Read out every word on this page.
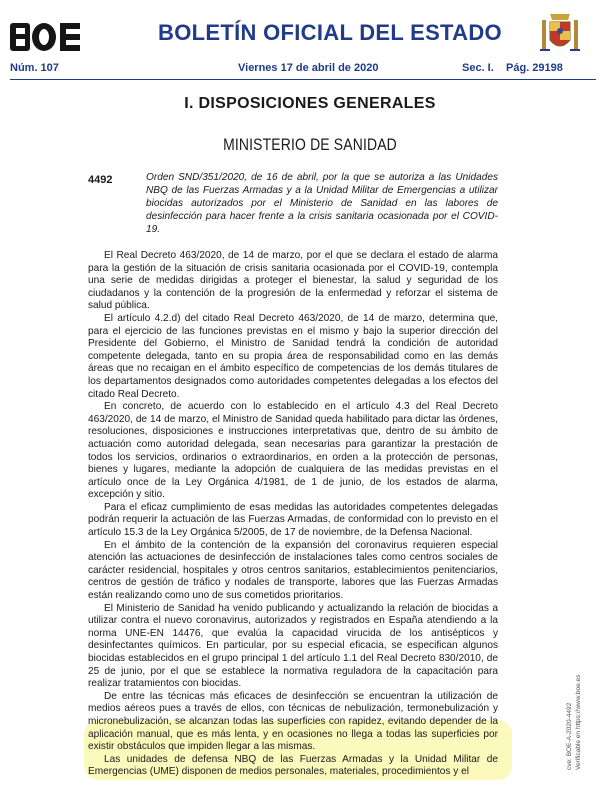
BOLETÍN OFICIAL DEL ESTADO
Núm. 107	Viernes 17 de abril de 2020	Sec. I. Pág. 29198
I. DISPOSICIONES GENERALES
MINISTERIO DE SANIDAD
4492	Orden SND/351/2020, de 16 de abril, por la que se autoriza a las Unidades NBQ de las Fuerzas Armadas y a la Unidad Militar de Emergencias a utilizar biocidas autorizados por el Ministerio de Sanidad en las labores de desinfección para hacer frente a la crisis sanitaria ocasionada por el COVID-19.

El Real Decreto 463/2020, de 14 de marzo, por el que se declara el estado de alarma para la gestión de la situación de crisis sanitaria ocasionada por el COVID-19, contempla una serie de medidas dirigidas a proteger el bienestar, la salud y seguridad de los ciudadanos y la contención de la progresión de la enfermedad y reforzar el sistema de salud pública.

El artículo 4.2.d) del citado Real Decreto 463/2020, de 14 de marzo, determina que, para el ejercicio de las funciones previstas en el mismo y bajo la superior dirección del Presidente del Gobierno, el Ministro de Sanidad tendrá la condición de autoridad competente delegada, tanto en su propia área de responsabilidad como en las demás áreas que no recaigan en el ámbito específico de competencias de los demás titulares de los departamentos designados como autoridades competentes delegadas a los efectos del citado Real Decreto.

En concreto, de acuerdo con lo establecido en el artículo 4.3 del Real Decreto 463/2020, de 14 de marzo, el Ministro de Sanidad queda habilitado para dictar las órdenes, resoluciones, disposiciones e instrucciones interpretativas que, dentro de su ámbito de actuación como autoridad delegada, sean necesarias para garantizar la prestación de todos los servicios, ordinarios o extraordinarios, en orden a la protección de personas, bienes y lugares, mediante la adopción de cualquiera de las medidas previstas en el artículo once de la Ley Orgánica 4/1981, de 1 de junio, de los estados de alarma, excepción y sitio.

Para el eficaz cumplimiento de esas medidas las autoridades competentes delegadas podrán requerir la actuación de las Fuerzas Armadas, de conformidad con lo previsto en el artículo 15.3 de la Ley Orgánica 5/2005, de 17 de noviembre, de la Defensa Nacional.

En el ámbito de la contención de la expansión del coronavirus requieren especial atención las actuaciones de desinfección de instalaciones tales como centros sociales de carácter residencial, hospitales y otros centros sanitarios, establecimientos penitenciarios, centros de gestión de tráfico y nodales de transporte, labores que las Fuerzas Armadas están realizando como uno de sus cometidos prioritarios.

El Ministerio de Sanidad ha venido publicando y actualizando la relación de biocidas a utilizar contra el nuevo coronavirus, autorizados y registrados en España atendiendo a la norma UNE-EN 14476, que evalúa la capacidad virucida de los antisépticos y desinfectantes químicos. En particular, por su especial eficacia, se especifican algunos biocidas establecidos en el grupo principal 1 del artículo 1.1 del Real Decreto 830/2010, de 25 de junio, por el que se establece la normativa reguladora de la capacitación para realizar tratamientos con biocidas.

De entre las técnicas más eficaces de desinfección se encuentran la utilización de medios aéreos pues a través de ellos, con técnicas de nebulización, termonebulización y micronebulización, se alcanzan todas las superficies con rapidez, evitando depender de la aplicación manual, que es más lenta, y en ocasiones no llega a todas las superficies por existir obstáculos que impiden llegar a las mismas.

Las unidades de defensa NBQ de las Fuerzas Armadas y la Unidad Militar de Emergencias (UME) disponen de medios personales, materiales, procedimientos y el

cve: BOE-A-2020-4492 Verificable en https://www.boe.es
